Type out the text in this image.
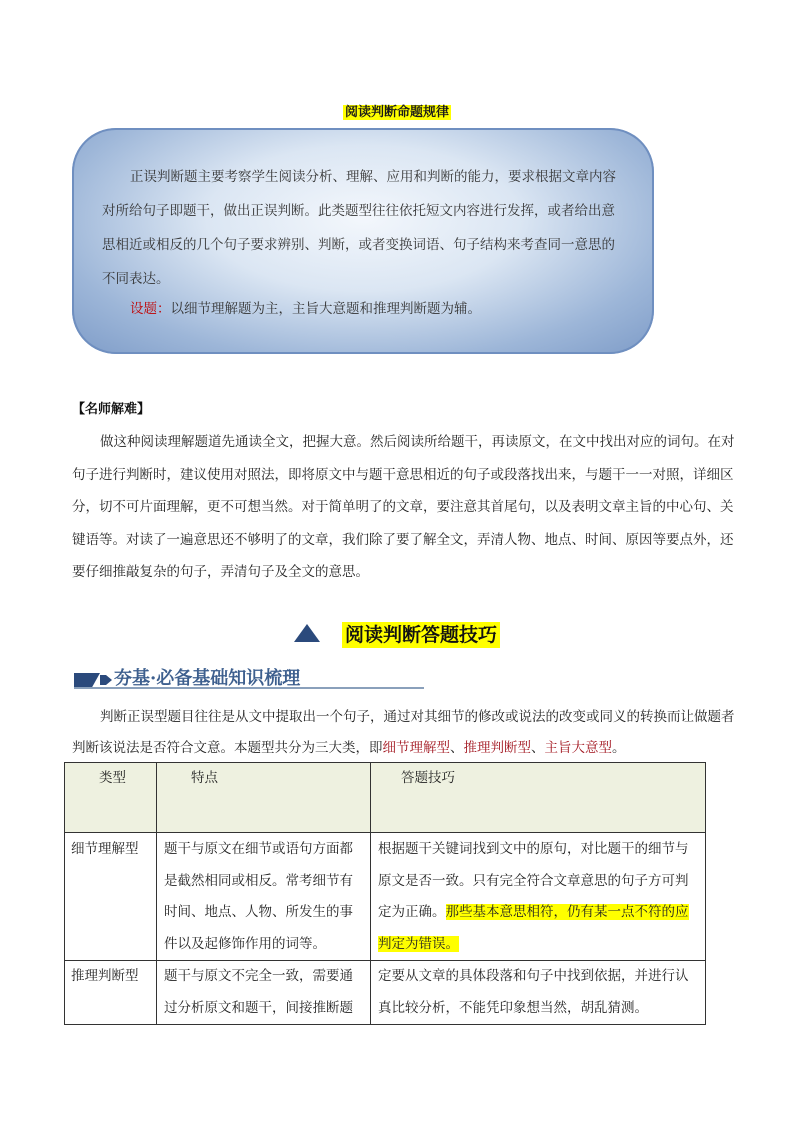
阅读判断命题规律
正误判断题主要考察学生阅读分析、理解、应用和判断的能力，要求根据文章内容对所给句子即题干，做出正误判断。此类题型往往依托短文内容进行发挥，或者给出意思相近或相反的几个句子要求辨别、判断，或者变换词语、句子结构来考查同一意思的不同表达。
设题：以细节理解题为主，主旨大意题和推理判断题为辅。
【名师解难】
做这种阅读理解题道先通读全文，把握大意。然后阅读所给题干，再读原文，在文中找出对应的词句。在对句子进行判断时，建议使用对照法，即将原文中与题干意思相近的句子或段落找出来，与题干一一对照，详细区分，切不可片面理解，更不可想当然。对于简单明了的文章，要注意其首尾句，以及表明文章主旨的中心句、关键语等。对读了一遍意思还不够明了的文章，我们除了要了解全文，弄清人物、地点、时间、原因等要点外，还要仔细推敲复杂的句子，弄清句子及全文的意思。
阅读判断答题技巧
夯基·必备基础知识梳理
判断正误型题目往往是从文中提取出一个句子，通过对其细节的修改或说法的改变或同义的转换而让做题者判断该说法是否符合文意。本题型共分为三大类，即细节理解型、推理判断型、主旨大意型。
类型	特点	答题技巧
细节理解型	题干与原文在细节或语句方面都是截然相同或相反。常考细节有时间、地点、人物、所发生的事件以及起修饰作用的词等。	根据题干关键词找到文中的原句，对比题干的细节与原文是否一致。只有完全符合文章意思的句子方可判定为正确。那些基本意思相符，仍有某一点不符的应判定为错误。
推理判断型	题干与原文不完全一致，需要通过分析原文和题干，间接推断题	定要从文章的具体段落和句子中找到依据，并进行认真比较分析，不能凭印象想当然，胡乱猜测。
